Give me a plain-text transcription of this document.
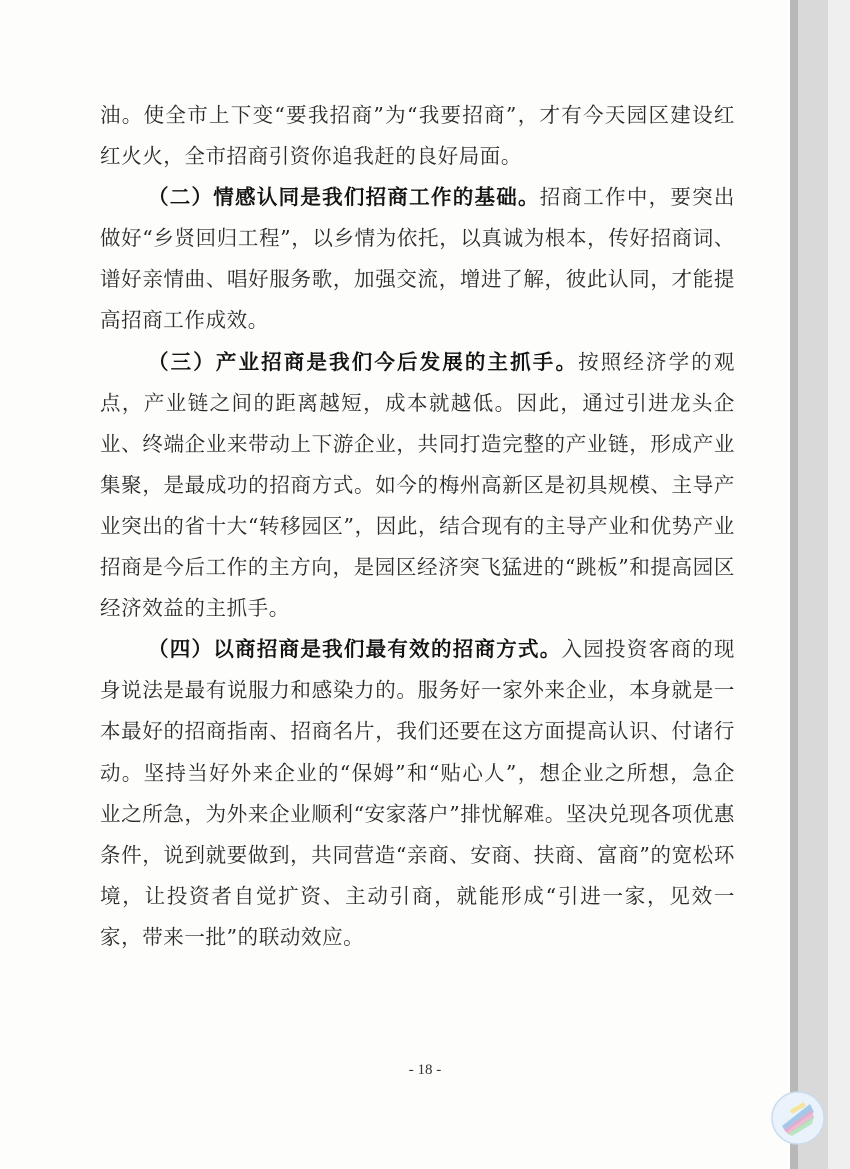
油。使全市上下变“要我招商”为“我要招商”，才有今天园区建设红红火火，全市招商引资你追我赶的良好局面。

（二）情感认同是我们招商工作的基础。招商工作中，要突出做好“乡贤回归工程”，以乡情为依托，以真诚为根本，传好招商词、谱好亲情曲、唱好服务歌，加强交流，增进了解，彼此认同，才能提高招商工作成效。

（三）产业招商是我们今后发展的主抓手。按照经济学的观点，产业链之间的距离越短，成本就越低。因此，通过引进龙头企业、终端企业来带动上下游企业，共同打造完整的产业链，形成产业集聚，是最成功的招商方式。如今的梅州高新区是初具规模、主导产业突出的省十大“转移园区”，因此，结合现有的主导产业和优势产业招商是今后工作的主方向，是园区经济突飞猛进的“跳板”和提高园区经济效益的主抓手。

（四）以商招商是我们最有效的招商方式。入园投资客商的现身说法是最有说服力和感染力的。服务好一家外来企业，本身就是一本最好的招商指南、招商名片，我们还要在这方面提高认识、付诸行动。坚持当好外来企业的“保姆”和“贴心人”，想企业之所想，急企业之所急，为外来企业顺利“安家落户”排忧解难。坚决兑现各项优惠条件，说到就要做到，共同营造“亲商、安商、扶商、富商”的宽松环境，让投资者自觉扩资、主动引商，就能形成“引进一家，见效一家，带来一批”的联动效应。

- 18 -
